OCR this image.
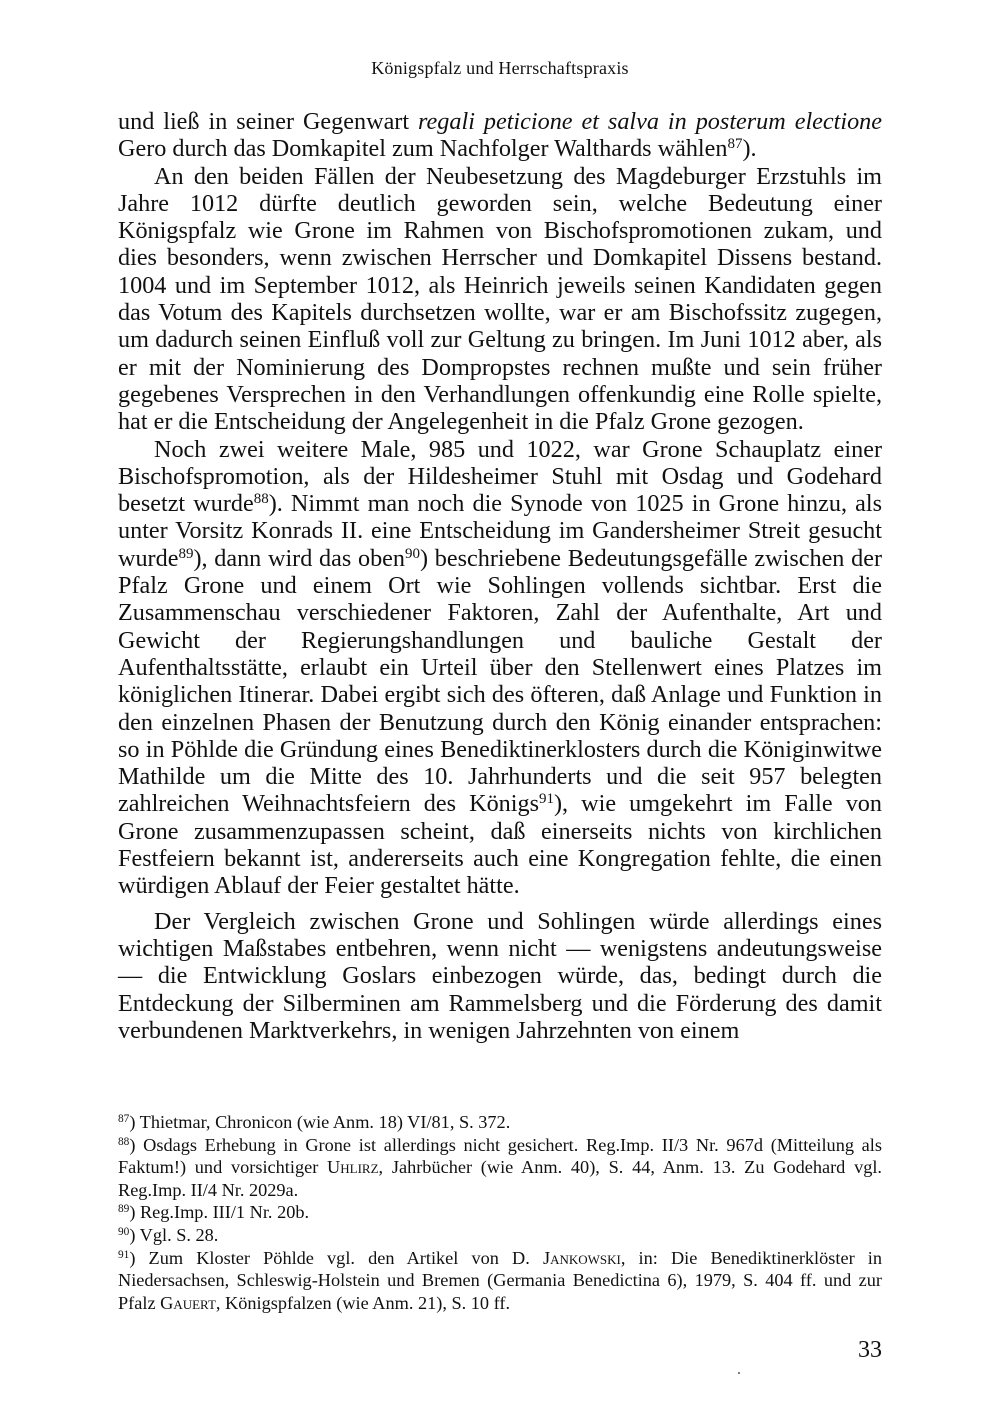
Königspfalz und Herrschaftspraxis

und ließ in seiner Gegenwart regali peticione et salva in posterum electione Gero durch das Domkapitel zum Nachfolger Walthards wählen$^{87}$).

An den beiden Fällen der Neubesetzung des Magdeburger Erzstuhls im Jahre 1012 dürfte deutlich geworden sein, welche Bedeutung einer Königspfalz wie Grone im Rahmen von Bischofspromotionen zukam, und dies besonders, wenn zwischen Herrscher und Domkapitel Dissens bestand. 1004 und im September 1012, als Heinrich jeweils seinen Kandidaten gegen das Votum des Kapitels durchsetzen wollte, war er am Bischofssitz zugegen, um dadurch seinen Einfluß voll zur Geltung zu bringen. Im Juni 1012 aber, als er mit der Nominierung des Dompropstes rechnen mußte und sein früher gegebenes Versprechen in den Verhandlungen offenkundig eine Rolle spielte, hat er die Entscheidung der Angelegenheit in die Pfalz Grone gezogen.

Noch zwei weitere Male, 985 und 1022, war Grone Schauplatz einer Bischofspromotion, als der Hildesheimer Stuhl mit Osdag und Godehard besetzt wurde$^{88}$). Nimmt man noch die Synode von 1025 in Grone hinzu, als unter Vorsitz Konrads II. eine Entscheidung im Gandersheimer Streit gesucht wurde$^{89}$), dann wird das oben$^{90}$) beschriebene Bedeutungsgefälle zwischen der Pfalz Grone und einem Ort wie Sohlingen vollends sichtbar. Erst die Zusammenschau verschiedener Faktoren, Zahl der Aufenthalte, Art und Gewicht der Regierungshandlungen und bauliche Gestalt der Aufenthaltsstätte, erlaubt ein Urteil über den Stellenwert eines Platzes im königlichen Itinerar. Dabei ergibt sich des öfteren, daß Anlage und Funktion in den einzelnen Phasen der Benutzung durch den König einander entsprachen: so in Pöhlde die Gründung eines Benediktinerklosters durch die Königinwitwe Mathilde um die Mitte des 10. Jahrhunderts und die seit 957 belegten zahlreichen Weihnachtsfeiern des Königs$^{91}$), wie umgekehrt im Falle von Grone zusammenzupassen scheint, daß einerseits nichts von kirchlichen Festfeiern bekannt ist, andererseits auch eine Kongregation fehlte, die einen würdigen Ablauf der Feier gestaltet hätte.

Der Vergleich zwischen Grone und Sohlingen würde allerdings eines wichtigen Maßstabes entbehren, wenn nicht — wenigstens andeutungsweise — die Entwicklung Goslars einbezogen würde, das, bedingt durch die Entdeckung der Silberminen am Rammelsberg und die Förderung des damit verbundenen Marktverkehrs, in wenigen Jahrzehnten von einem

$^{87}$) Thietmar, Chronicon (wie Anm. 18) VI/81, S. 372.

$^{88}$) Osdags Erhebung in Grone ist allerdings nicht gesichert. Reg.Imp. II/3 Nr. 967d (Mitteilung als Faktum!) und vorsichtiger Uhlirz, Jahrbücher (wie Anm. 40), S. 44, Anm. 13. Zu Godehard vgl. Reg.Imp. II/4 Nr. 2029a.

$^{89}$) Reg.Imp. III/1 Nr. 20b.

$^{90}$) Vgl. S. 28.

$^{91}$) Zum Kloster Pöhlde vgl. den Artikel von D. Jankowski, in: Die Benediktinerklöster in Niedersachsen, Schleswig-Holstein und Bremen (Germania Benedictina 6), 1979, S. 404 ff. und zur Pfalz Gauert, Königspfalzen (wie Anm. 21), S. 10 ff.

33
